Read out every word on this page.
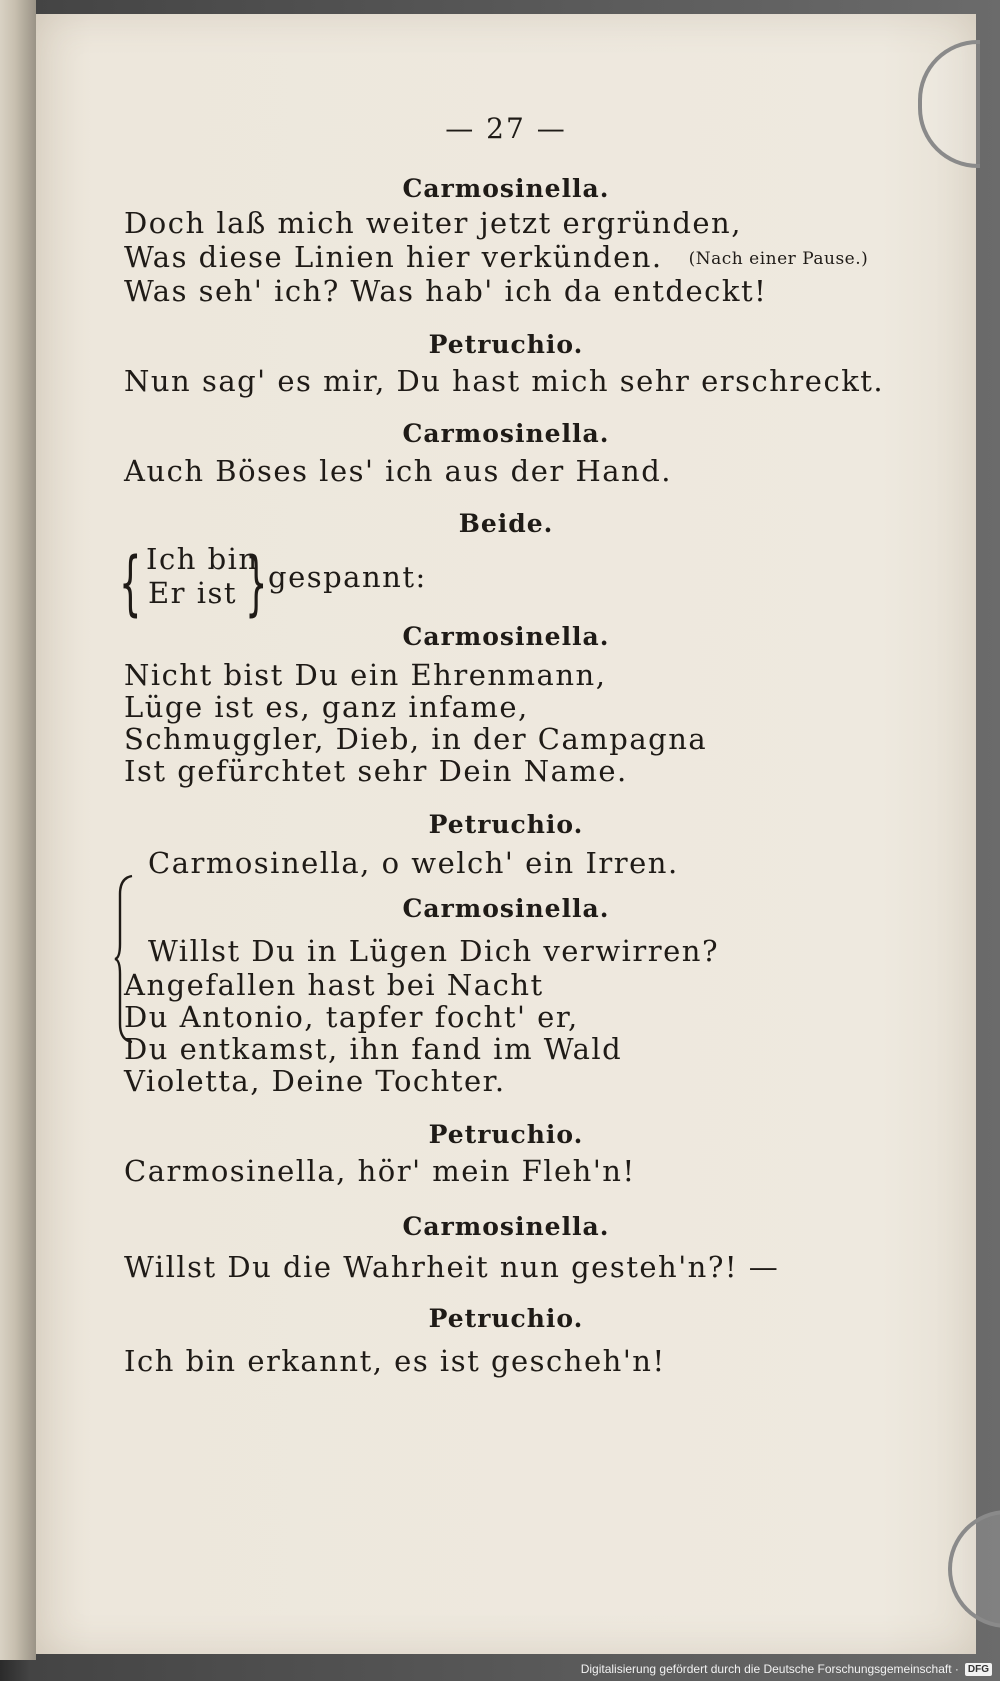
— 27 —
Carmosinella.
Doch laß mich weiter jetzt ergründen,
Was diese Linien hier verkünden. (Nach einer Pause.)
Was seh' ich? Was hab' ich da entdeckt!
Petruchio.
Nun sag' es mir, Du hast mich sehr erschreckt.
Carmosinella.
Auch Böses les' ich aus der Hand.
Beide.
{ Ich bin
Er ist } gespannt:
Carmosinella.
Nicht bist Du ein Ehrenmann,
Lüge ist es, ganz infame,
Schmuggler, Dieb, in der Campagna
Ist gefürchtet sehr Dein Name.
Petruchio.
Carmosinella, o welch' ein Irren.
Carmosinella.
Willst Du in Lügen Dich verwirren?
Angefallen hast bei Nacht
Du Antonio, tapfer focht' er,
Du entkamst, ihn fand im Wald
Violetta, Deine Tochter.
Petruchio.
Carmosinella, hör' mein Fleh'n!
Carmosinella.
Willst Du die Wahrheit nun gesteh'n?! —
Petruchio.
Ich bin erkannt, es ist gescheh'n!
Digitalisierung gefördert durch die Deutsche Forschungsgemeinschaft · DFG
